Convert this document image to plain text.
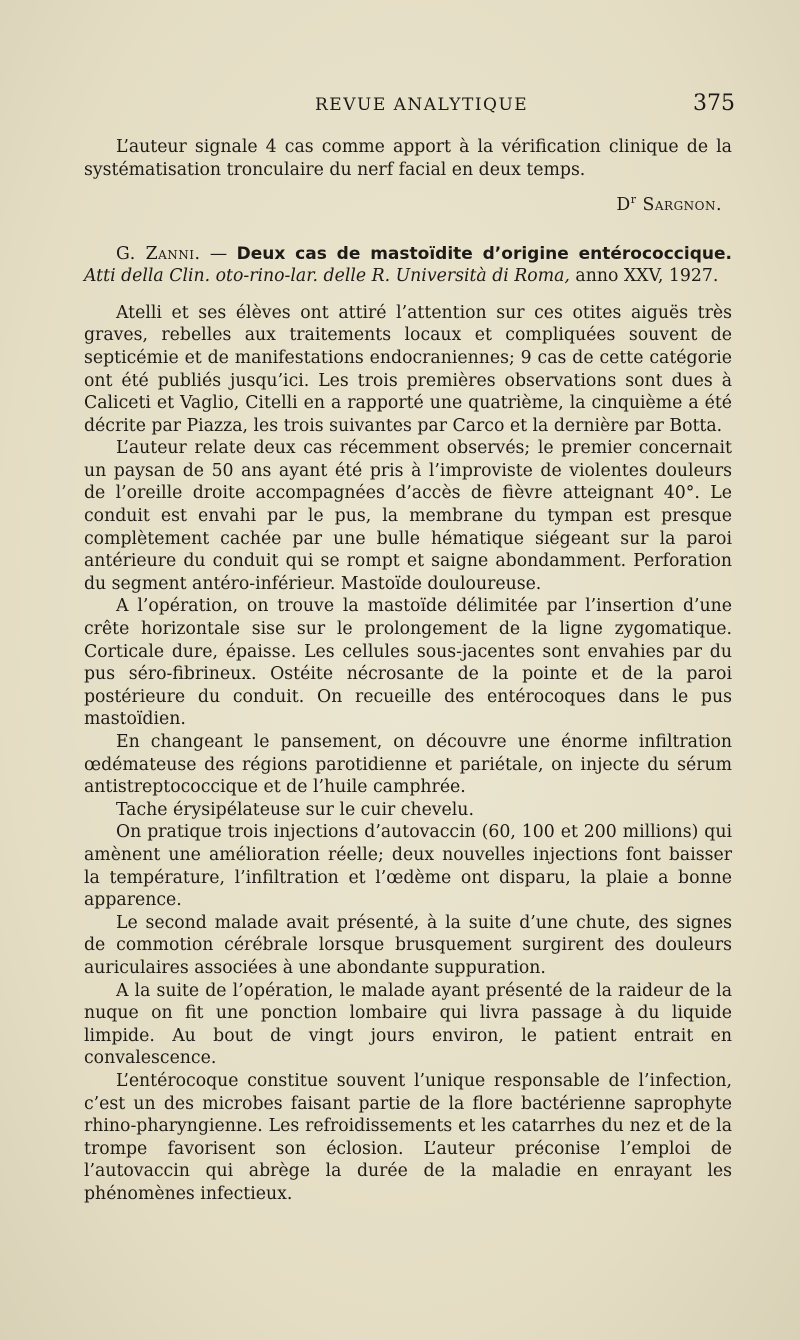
REVUE ANALYTIQUE	375

L’auteur signale 4 cas comme apport à la vérification clinique de la systématisation tronculaire du nerf facial en deux temps.

$D^r$ Sargnon.

G. Zanni. — Deux cas de mastoïdite d’origine entérococcique. Atti della Clin. oto-rino-lar. delle R. Università di Roma, anno XXV, 1927.

Atelli et ses élèves ont attiré l’attention sur ces otites aiguës très graves, rebelles aux traitements locaux et compliquées souvent de septicémie et de manifestations endocraniennes; 9 cas de cette catégorie ont été publiés jusqu’ici. Les trois premières observations sont dues à Caliceti et Vaglio, Citelli en a rapporté une quatrième, la cinquième a été décrite par Piazza, les trois suivantes par Carco et la dernière par Botta.

L’auteur relate deux cas récemment observés; le premier concernait un paysan de 50 ans ayant été pris à l’improviste de violentes douleurs de l’oreille droite accompagnées d’accès de fièvre atteignant 40°. Le conduit est envahi par le pus, la membrane du tympan est presque complètement cachée par une bulle hématique siégeant sur la paroi antérieure du conduit qui se rompt et saigne abondamment. Perforation du segment antéro-inférieur. Mastoïde douloureuse.

A l’opération, on trouve la mastoïde délimitée par l’insertion d’une crête horizontale sise sur le prolongement de la ligne zygomatique. Corticale dure, épaisse. Les cellules sous-jacentes sont envahies par du pus séro-fibrineux. Ostéite nécrosante de la pointe et de la paroi postérieure du conduit. On recueille des entérocoques dans le pus mastoïdien.

En changeant le pansement, on découvre une énorme infiltration œdémateuse des régions parotidienne et pariétale, on injecte du sérum antistreptococcique et de l’huile camphrée.

Tache érysipélateuse sur le cuir chevelu.

On pratique trois injections d’autovaccin (60, 100 et 200 millions) qui amènent une amélioration réelle; deux nouvelles injections font baisser la température, l’infiltration et l’œdème ont disparu, la plaie a bonne apparence.

Le second malade avait présenté, à la suite d’une chute, des signes de commotion cérébrale lorsque brusquement surgirent des douleurs auriculaires associées à une abondante suppuration.

A la suite de l’opération, le malade ayant présenté de la raideur de la nuque on fit une ponction lombaire qui livra passage à du liquide limpide. Au bout de vingt jours environ, le patient entrait en convalescence.

L’entérocoque constitue souvent l’unique responsable de l’infection, c’est un des microbes faisant partie de la flore bactérienne saprophyte rhino-pharyngienne. Les refroidissements et les catarrhes du nez et de la trompe favorisent son éclosion. L’auteur préconise l’emploi de l’autovaccin qui abrège la durée de la maladie en enrayant les phénomènes infectieux.
